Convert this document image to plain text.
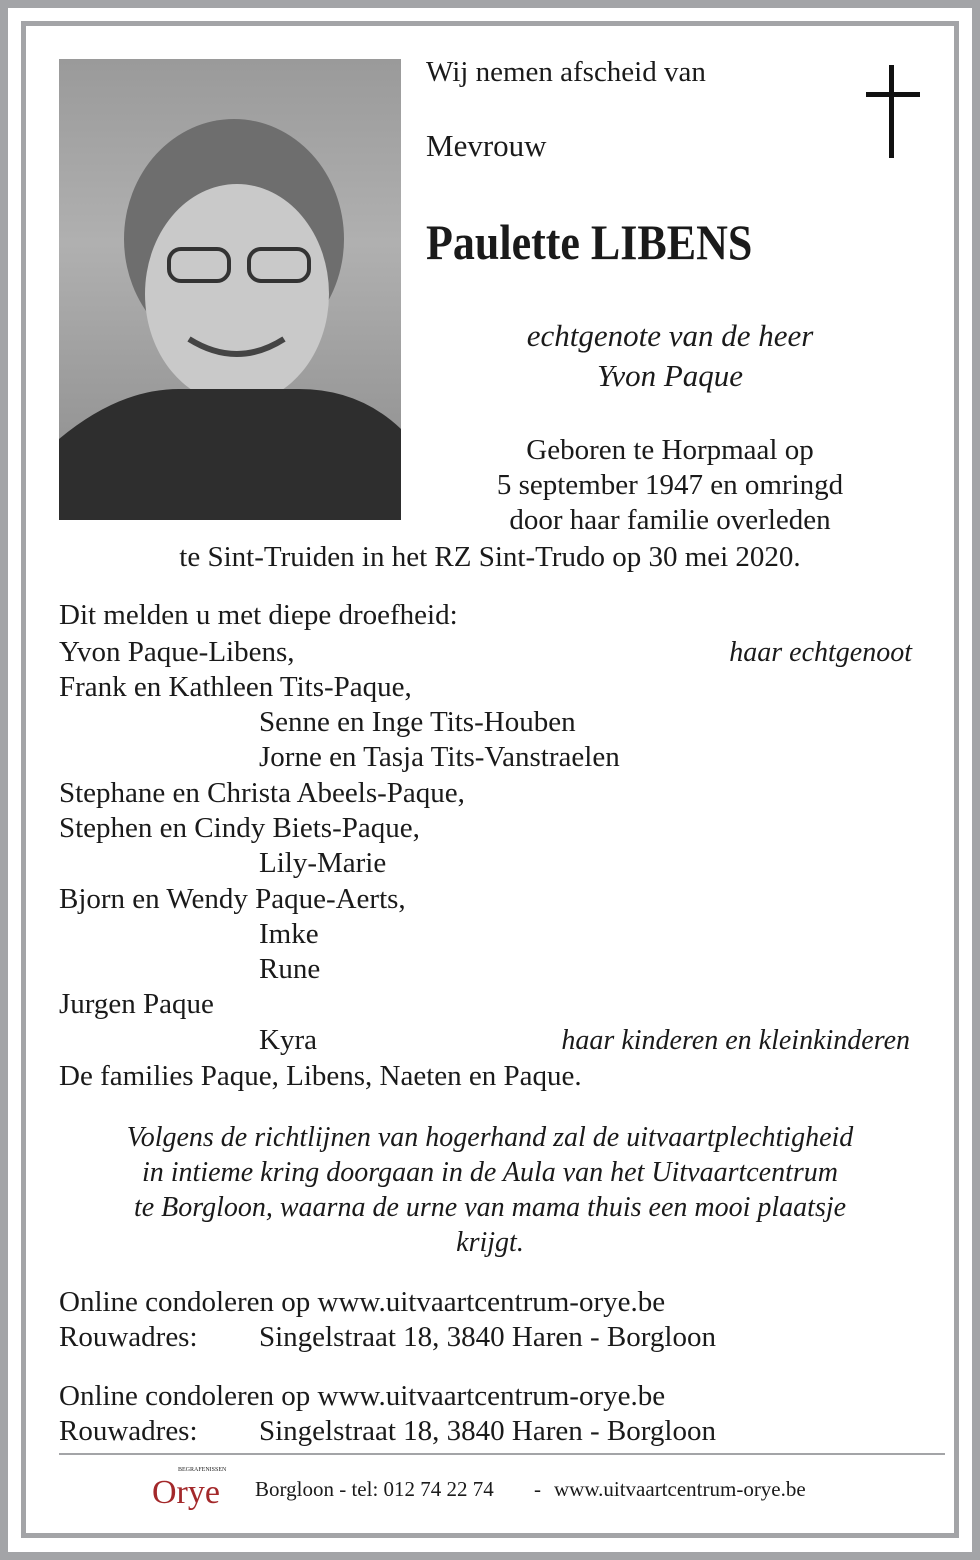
Wij nemen afscheid van
Mevrouw
Paulette LIBENS
echtgenote van de heer
Yvon Paque
Geboren te Horpmaal op
5 september 1947 en omringd
door haar familie overleden
te Sint-Truiden in het RZ Sint-Trudo op 30 mei 2020.
Dit melden u met diepe droefheid:
Yvon Paque-Libens,	haar echtgenoot
Frank en Kathleen Tits-Paque,
Senne en Inge Tits-Houben
Jorne en Tasja Tits-Vanstraelen
Stephane en Christa Abeels-Paque,
Stephen en Cindy Biets-Paque,
Lily-Marie
Bjorn en Wendy Paque-Aerts,
Imke
Rune
Jurgen Paque
Kyra	haar kinderen en kleinkinderen
De families Paque, Libens, Naeten en Paque.
Volgens de richtlijnen van hogerhand zal de uitvaartplechtigheid
in intieme kring doorgaan in de Aula van het Uitvaartcentrum
te Borgloon, waarna de urne van mama thuis een mooi plaatsje
krijgt.
Online condoleren op www.uitvaartcentrum-orye.be
Rouwadres: Singelstraat 18, 3840 Haren - Borgloon
Online condoleren op www.uitvaartcentrum-orye.be
Rouwadres: Singelstraat 18, 3840 Haren - Borgloon
BEGRAFENISSEN
Orye Borgloon - tel: 012 74 22 74 - www.uitvaartcentrum-orye.be
